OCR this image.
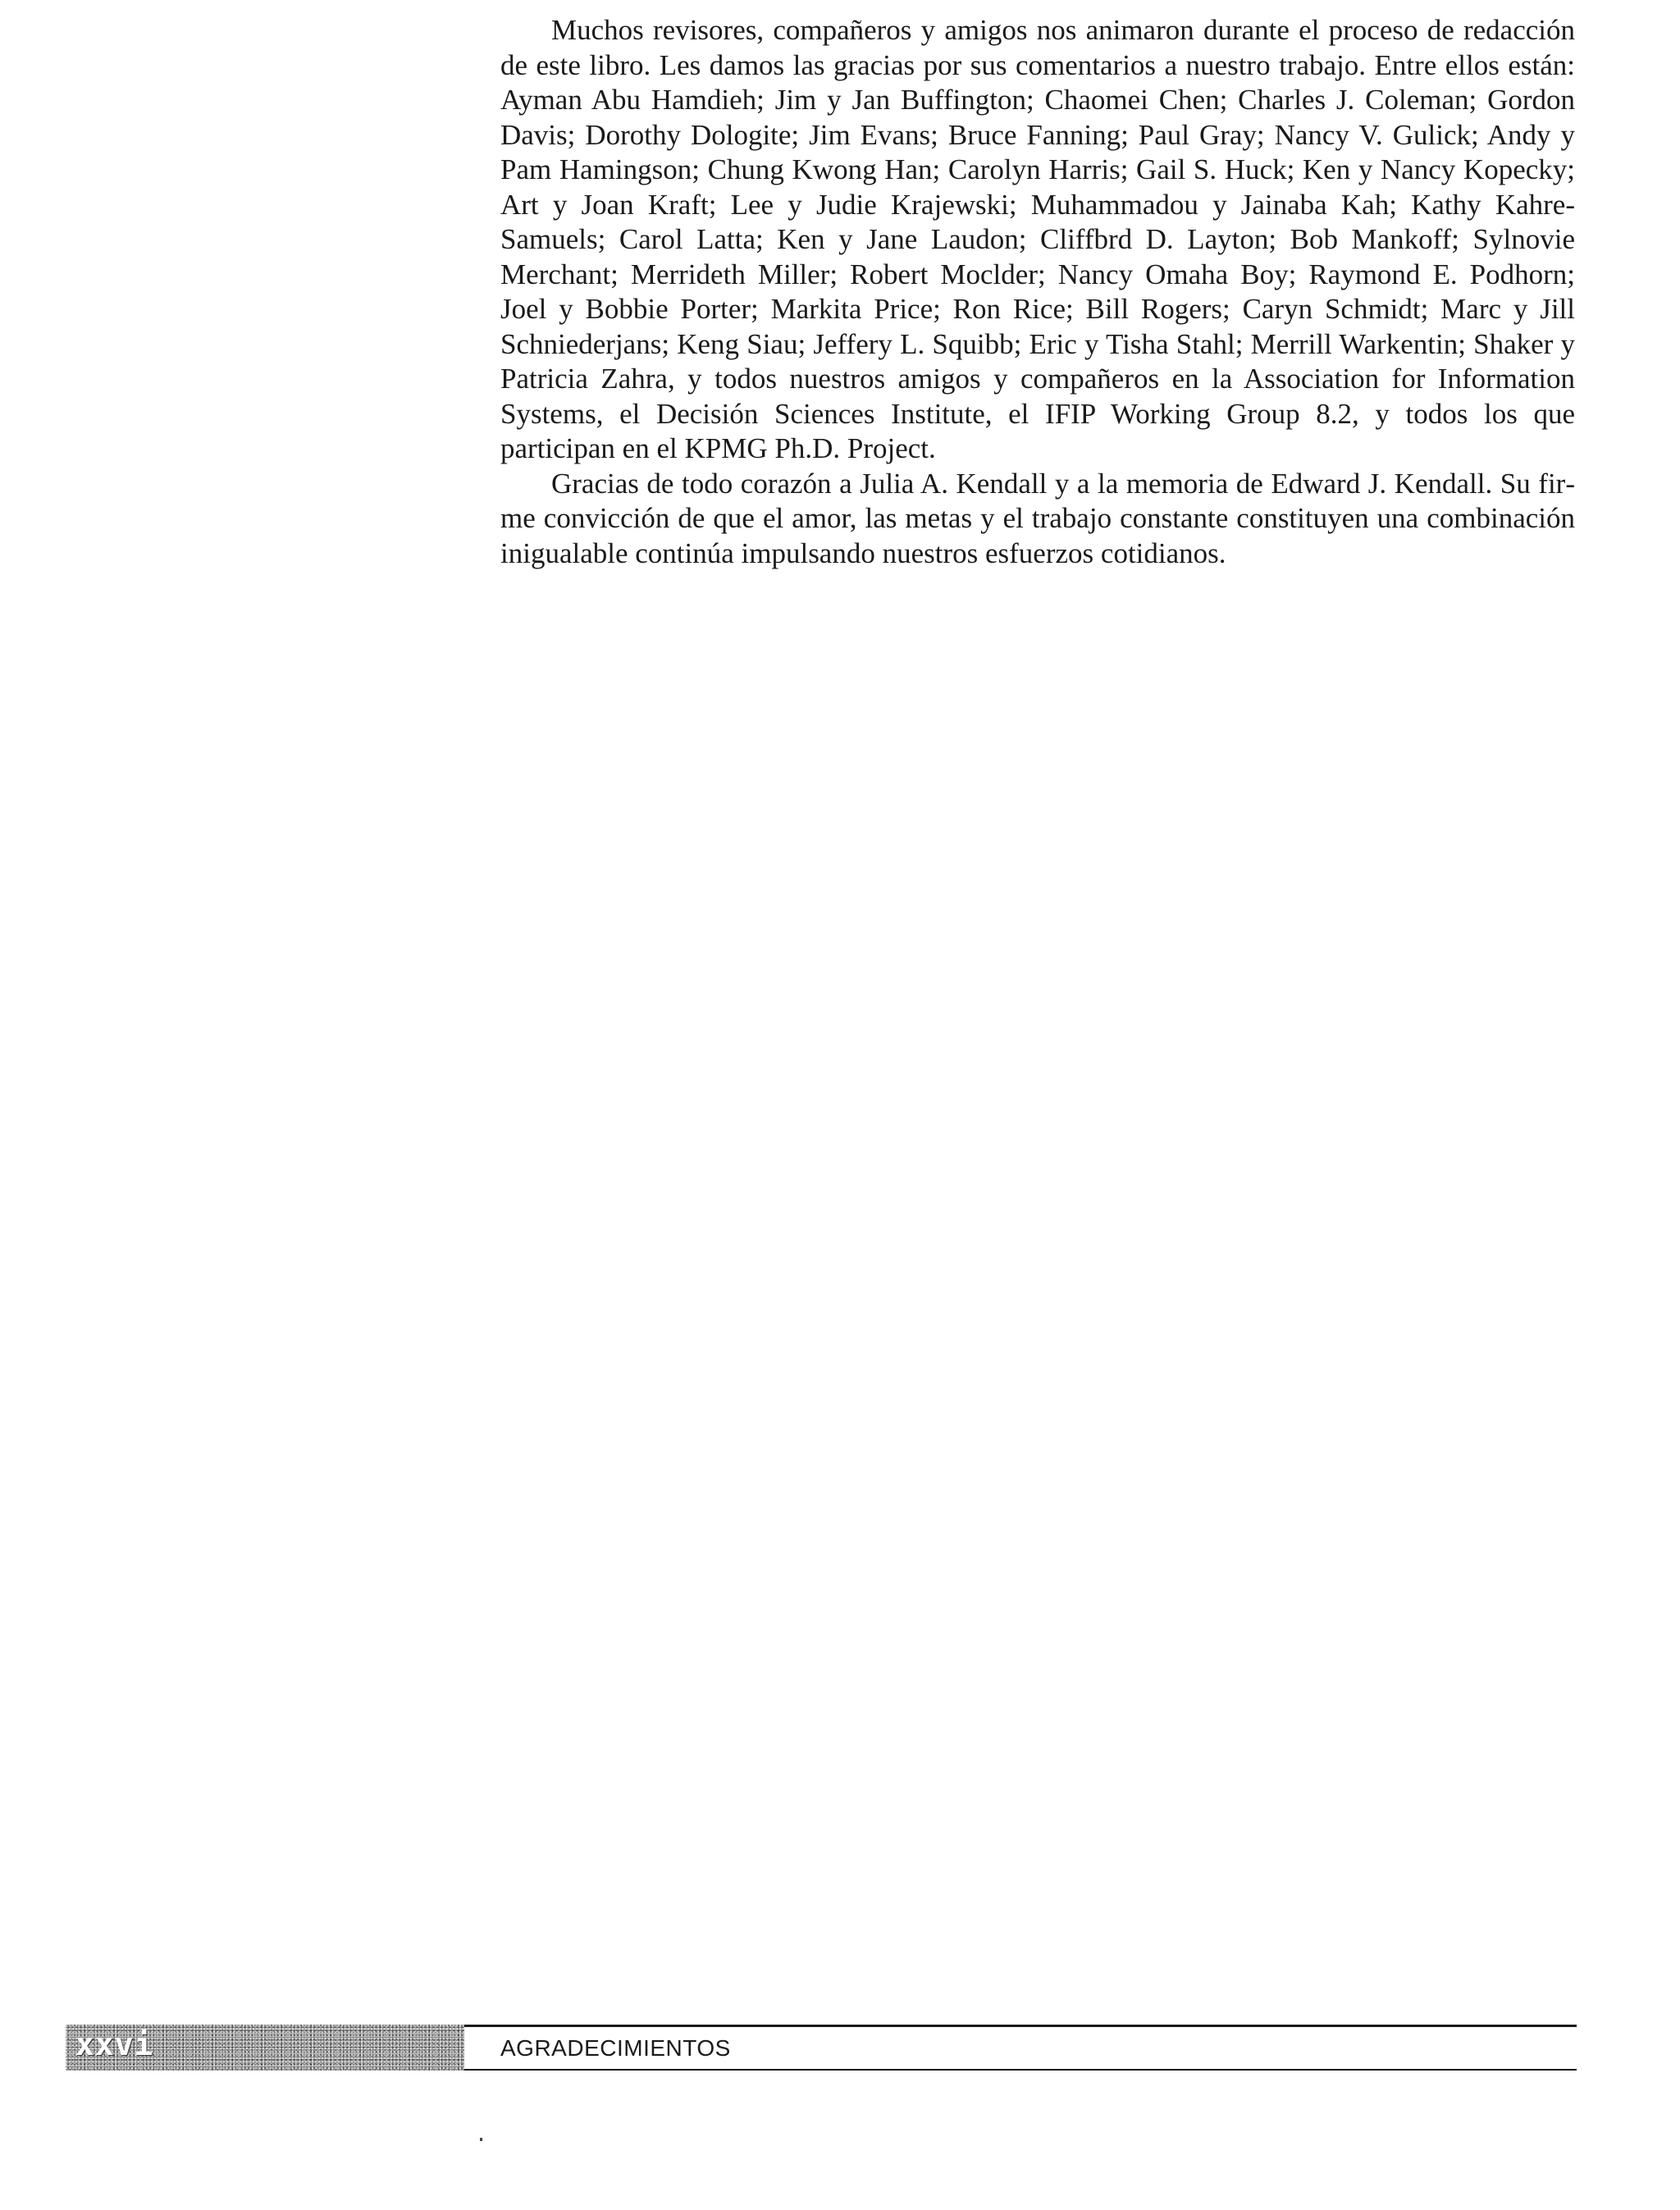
Muchos revisores, compañeros y amigos nos animaron durante el proceso de redacción de este libro. Les damos las gracias por sus comentarios a nuestro trabajo. Entre ellos están: Ayman Abu Hamdieh; Jim y Jan Buffington; Chaomei Chen; Charles J. Coleman; Gordon Davis; Dorothy Dologite; Jim Evans; Bruce Fanning; Paul Gray; Nancy V. Gulick; Andy y Pam Hamingson; Chung Kwong Han; Carolyn Harris; Gail S. Huck; Ken y Nancy Kopecky; Art y Joan Kraft; Lee y Judie Krajewski; Muhammadou y Jainaba Kah; Kathy Kahre-Samuels; Carol Latta; Ken y Jane Laudon; Cliffbrd D. Layton; Bob Mankoff; Sylnovie Merchant; Merrideth Miller; Robert Moclder; Nancy Omaha Boy; Raymond E. Podhorn; Joel y Bobbie Porter; Markita Price; Ron Rice; Bill Rogers; Caryn Schmidt; Marc y Jill Schniederjans; Keng Siau; Jeffery L. Squibb; Eric y Tisha Stahl; Merrill Warkentin; Shaker y Patricia Zahra, y todos nuestros amigos y compañeros en la Association for Information Systems, el Decisión Sciences Institute, el IFIP Working Group 8.2, y todos los que participan en el KPMG Ph.D. Project.

Gracias de todo corazón a Julia A. Kendall y a la memoria de Edward J. Kendall. Su firme convicción de que el amor, las metas y el trabajo constante constituyen una combinación inigualable continúa impulsando nuestros esfuerzos cotidianos.

xxvi	AGRADECIMIENTOS
